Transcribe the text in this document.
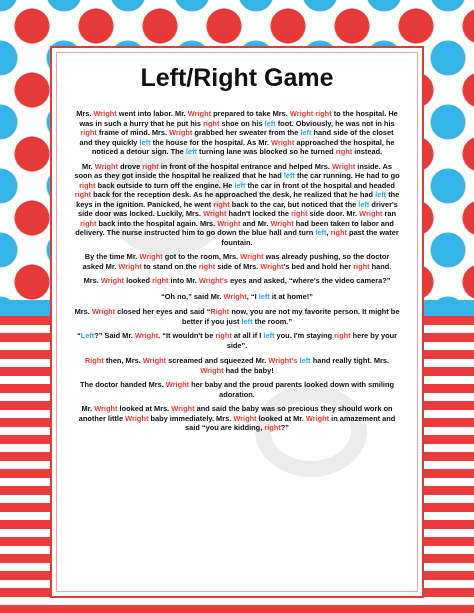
Left/Right Game

Mrs. Wright went into labor. Mr. Wright prepared to take Mrs. Wright right to the hospital. He was in such a hurry that he put his right shoe on his left foot. Obviously, he was not in his right frame of mind. Mrs. Wright grabbed her sweater from the left hand side of the closet and they quickly left the house for the hospital. As Mr. Wright approached the hospital, he noticed a detour sign. The left turning lane was blocked so he turned right instead.

Mr. Wright drove right in front of the hospital entrance and helped Mrs. Wright inside. As soon as they got inside the hospital he realized that he had left the car running. He had to go right back outside to turn off the engine. He left the car in front of the hospital and headed right back for the reception desk. As he approached the desk, he realized that he had left the keys in the ignition. Panicked, he went right back to the car, but noticed that the left driver's side door was locked. Luckily, Mrs. Wright hadn't locked the right side door. Mr. Wright ran right back into the hospital again. Mrs. Wright and Mr. Wright had been taken to labor and delivery. The nurse instructed him to go down the blue hall and turn left, right past the water fountain.

By the time Mr. Wright got to the room, Mrs. Wright was already pushing, so the doctor asked Mr. Wright to stand on the right side of Mrs. Wright's bed and hold her right hand.

Mrs. Wright looked right into Mr. Wright's eyes and asked, “where's the video camera?”

“Oh no,” said Mr. Wright, “I left it at home!”

Mrs. Wright closed her eyes and said “Right now, you are not my favorite person. It might be better if you just left the room.”

“Left?” Said Mr. Wright. “It wouldn't be right at all if I left you. I'm staying right here by your side”.

Right then, Mrs. Wright screamed and squeezed Mr. Wright's left hand really tight. Mrs. Wright had the baby!

The doctor handed Mrs. Wright her baby and the proud parents looked down with smiling adoration.

Mr. Wright looked at Mrs. Wright and said the baby was so precious they should work on another little Wright baby immediately. Mrs. Wright looked at Mr. Wright in amazement and said “you are kidding, right?”
